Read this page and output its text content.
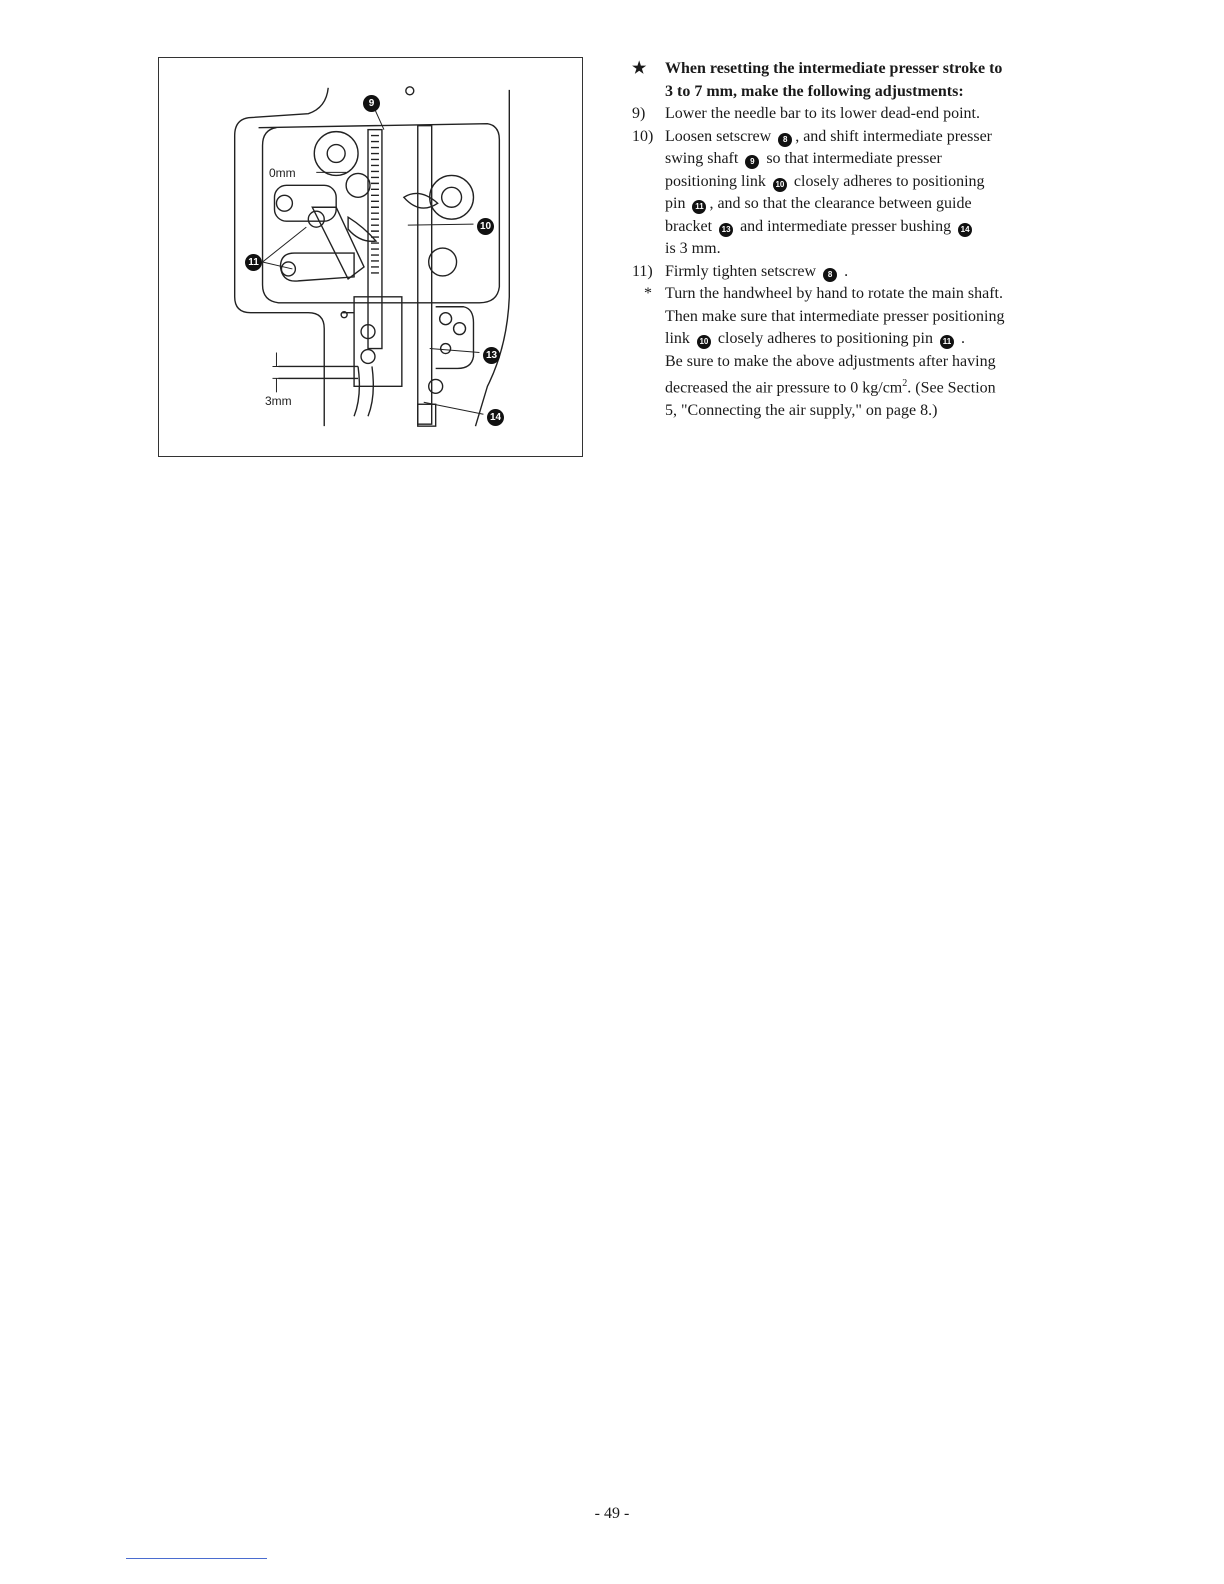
0mm
3mm
9
10
11
13
14
★ When resetting the intermediate presser stroke to
3 to 7 mm, make the following adjustments:
9) Lower the needle bar to its lower dead-end point.
10) Loosen setscrew 8 , and shift intermediate presser
swing shaft 9 so that intermediate presser
positioning link 10 closely adheres to positioning
pin 11 , and so that the clearance between guide
bracket 13 and intermediate presser bushing 14
is 3 mm.
11) Firmly tighten setscrew 8 .
* Turn the handwheel by hand to rotate the main shaft.
Then make sure that intermediate presser positioning
link 10 closely adheres to positioning pin 11 .
Be sure to make the above adjustments after having
decreased the air pressure to 0 $kg/cm^2$. (See Section
5, "Connecting the air supply," on page 8.)
- 49 -
